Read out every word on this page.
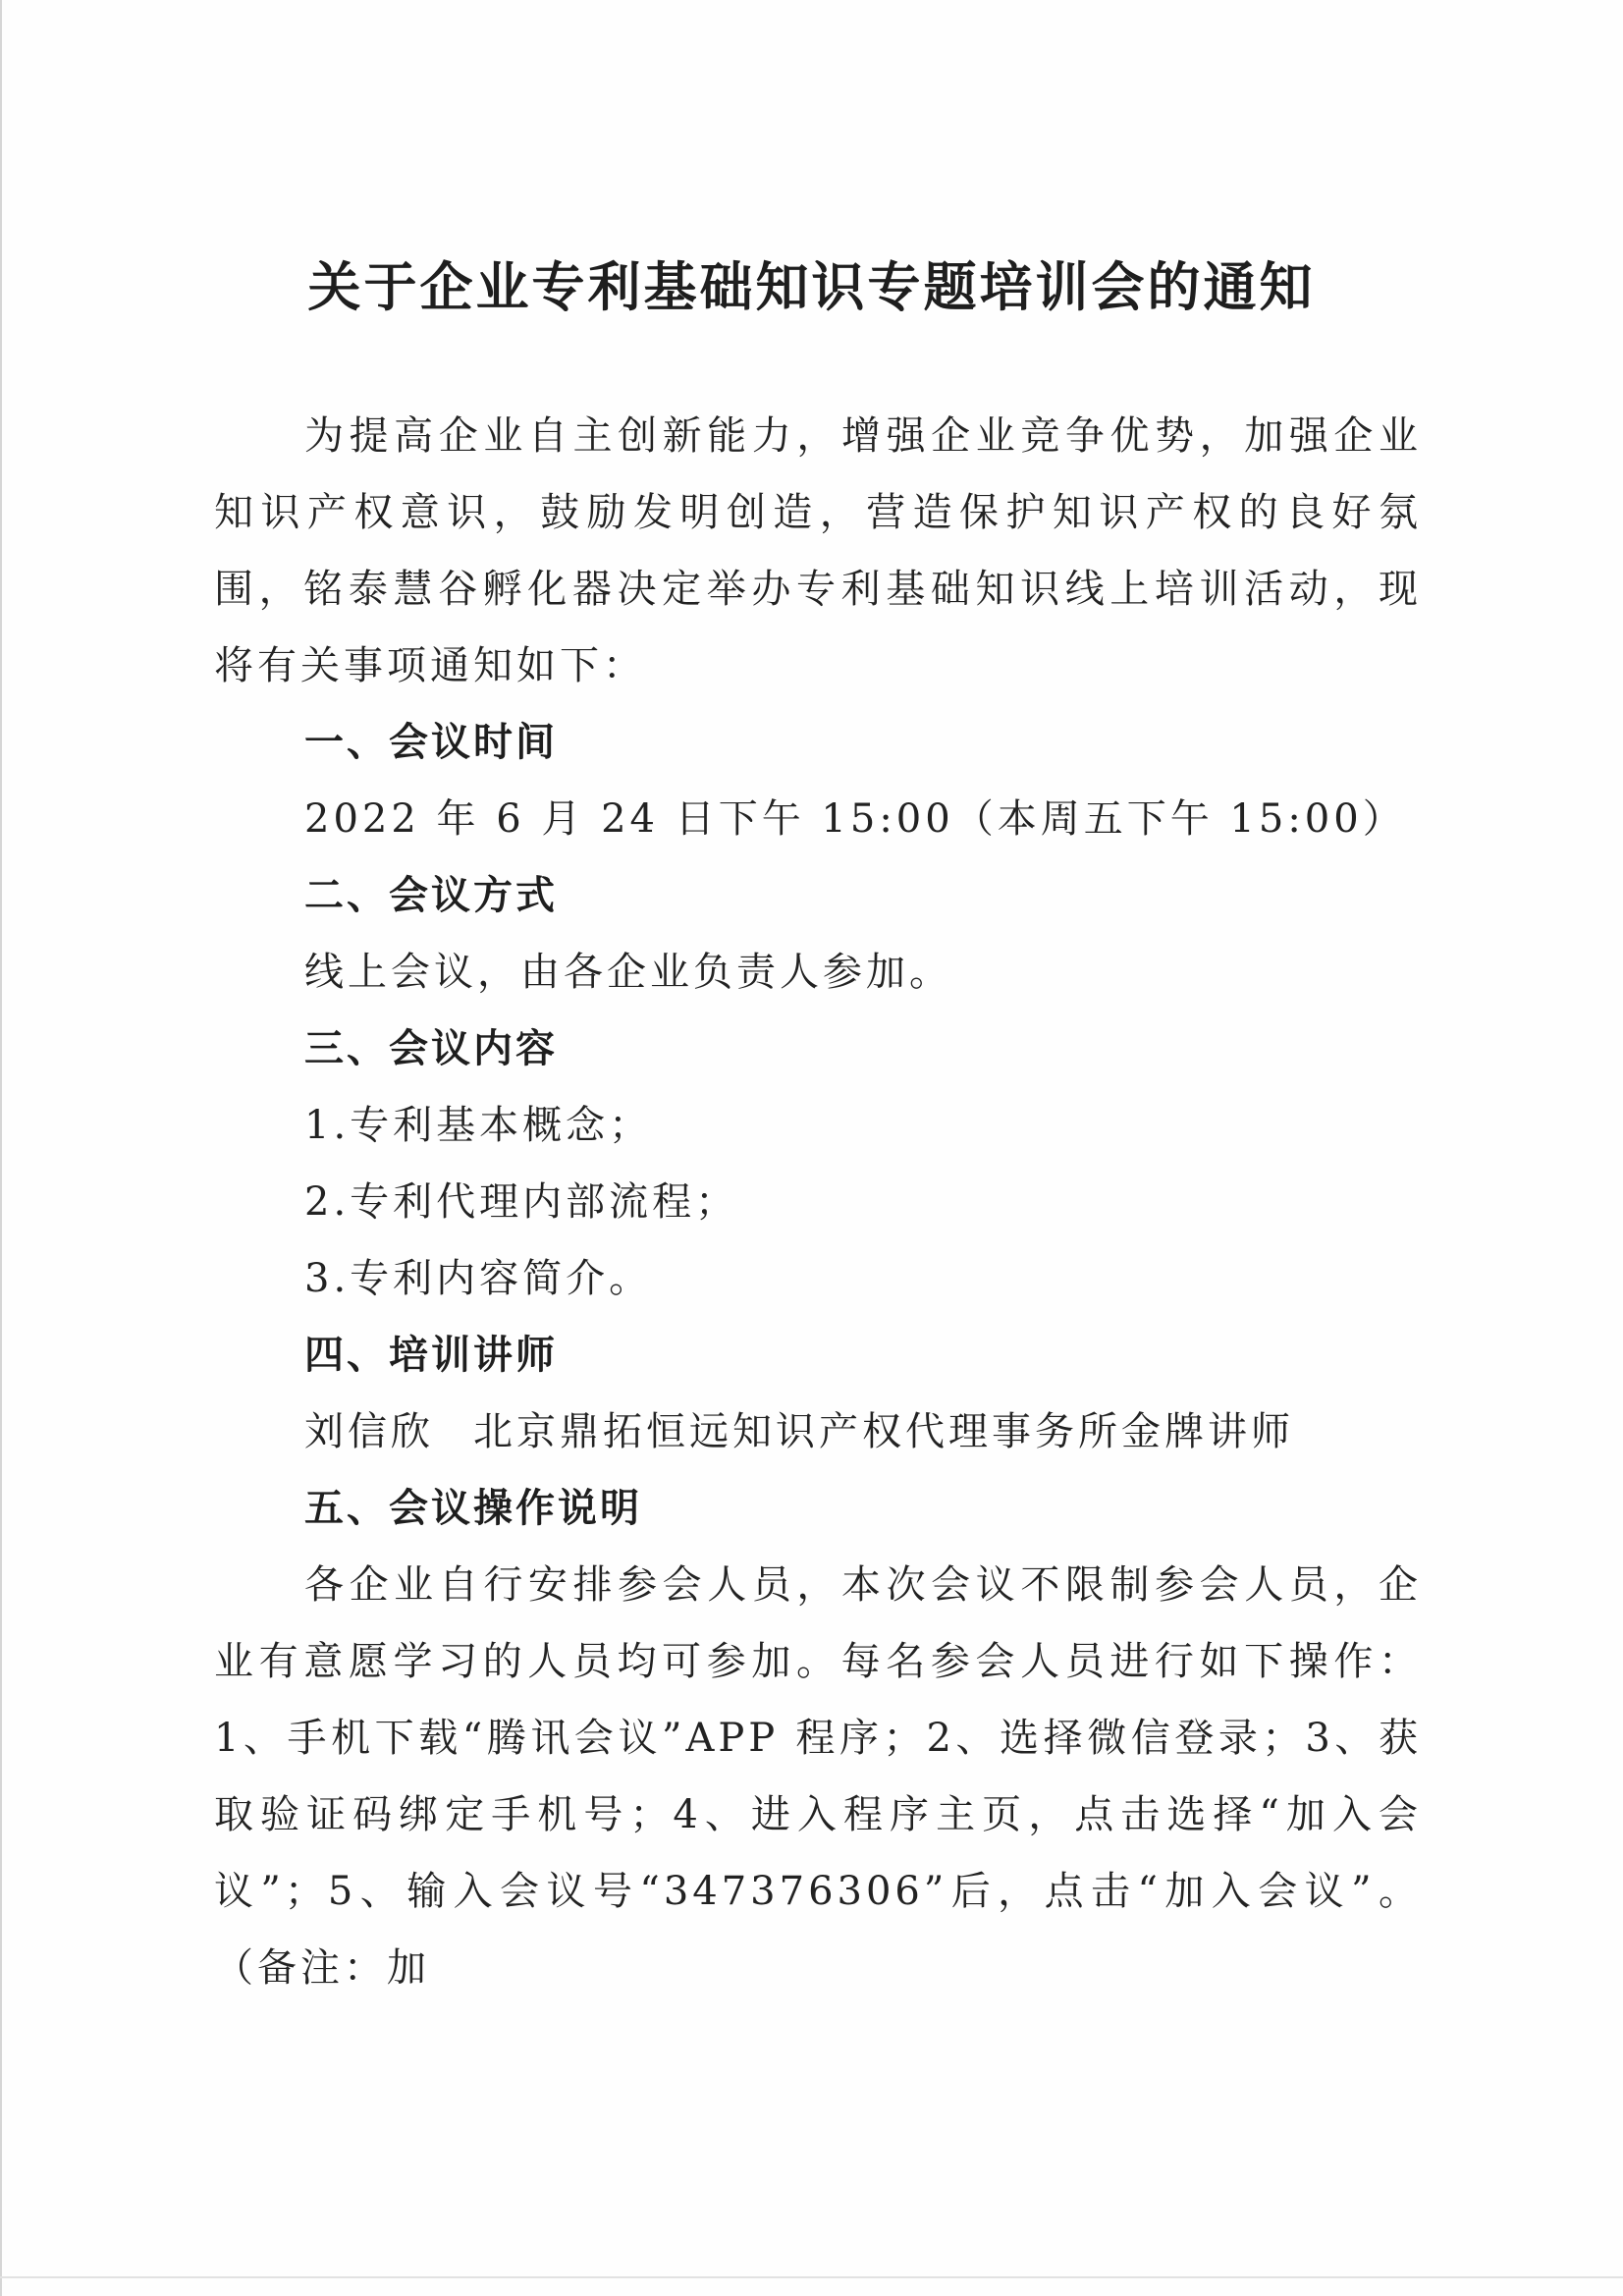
关于企业专利基础知识专题培训会的通知

为提高企业自主创新能力，增强企业竞争优势，加强企业知识产权意识，鼓励发明创造，营造保护知识产权的良好氛围，铭泰慧谷孵化器决定举办专利基础知识线上培训活动，现将有关事项通知如下：

一、会议时间

2022 年 6 月 24 日下午 15:00（本周五下午 15:00）

二、会议方式

线上会议，由各企业负责人参加。

三、会议内容

1.专利基本概念；

2.专利代理内部流程；

3.专利内容简介。

四、培训讲师

刘信欣 北京鼎拓恒远知识产权代理事务所金牌讲师

五、会议操作说明

各企业自行安排参会人员，本次会议不限制参会人员，企业有意愿学习的人员均可参加。每名参会人员进行如下操作：1、手机下载“腾讯会议”APP 程序；2、选择微信登录；3、获取验证码绑定手机号；4、进入程序主页，点击选择“加入会议”；5、输入会议号“347376306”后，点击“加入会议”。（备注：加
